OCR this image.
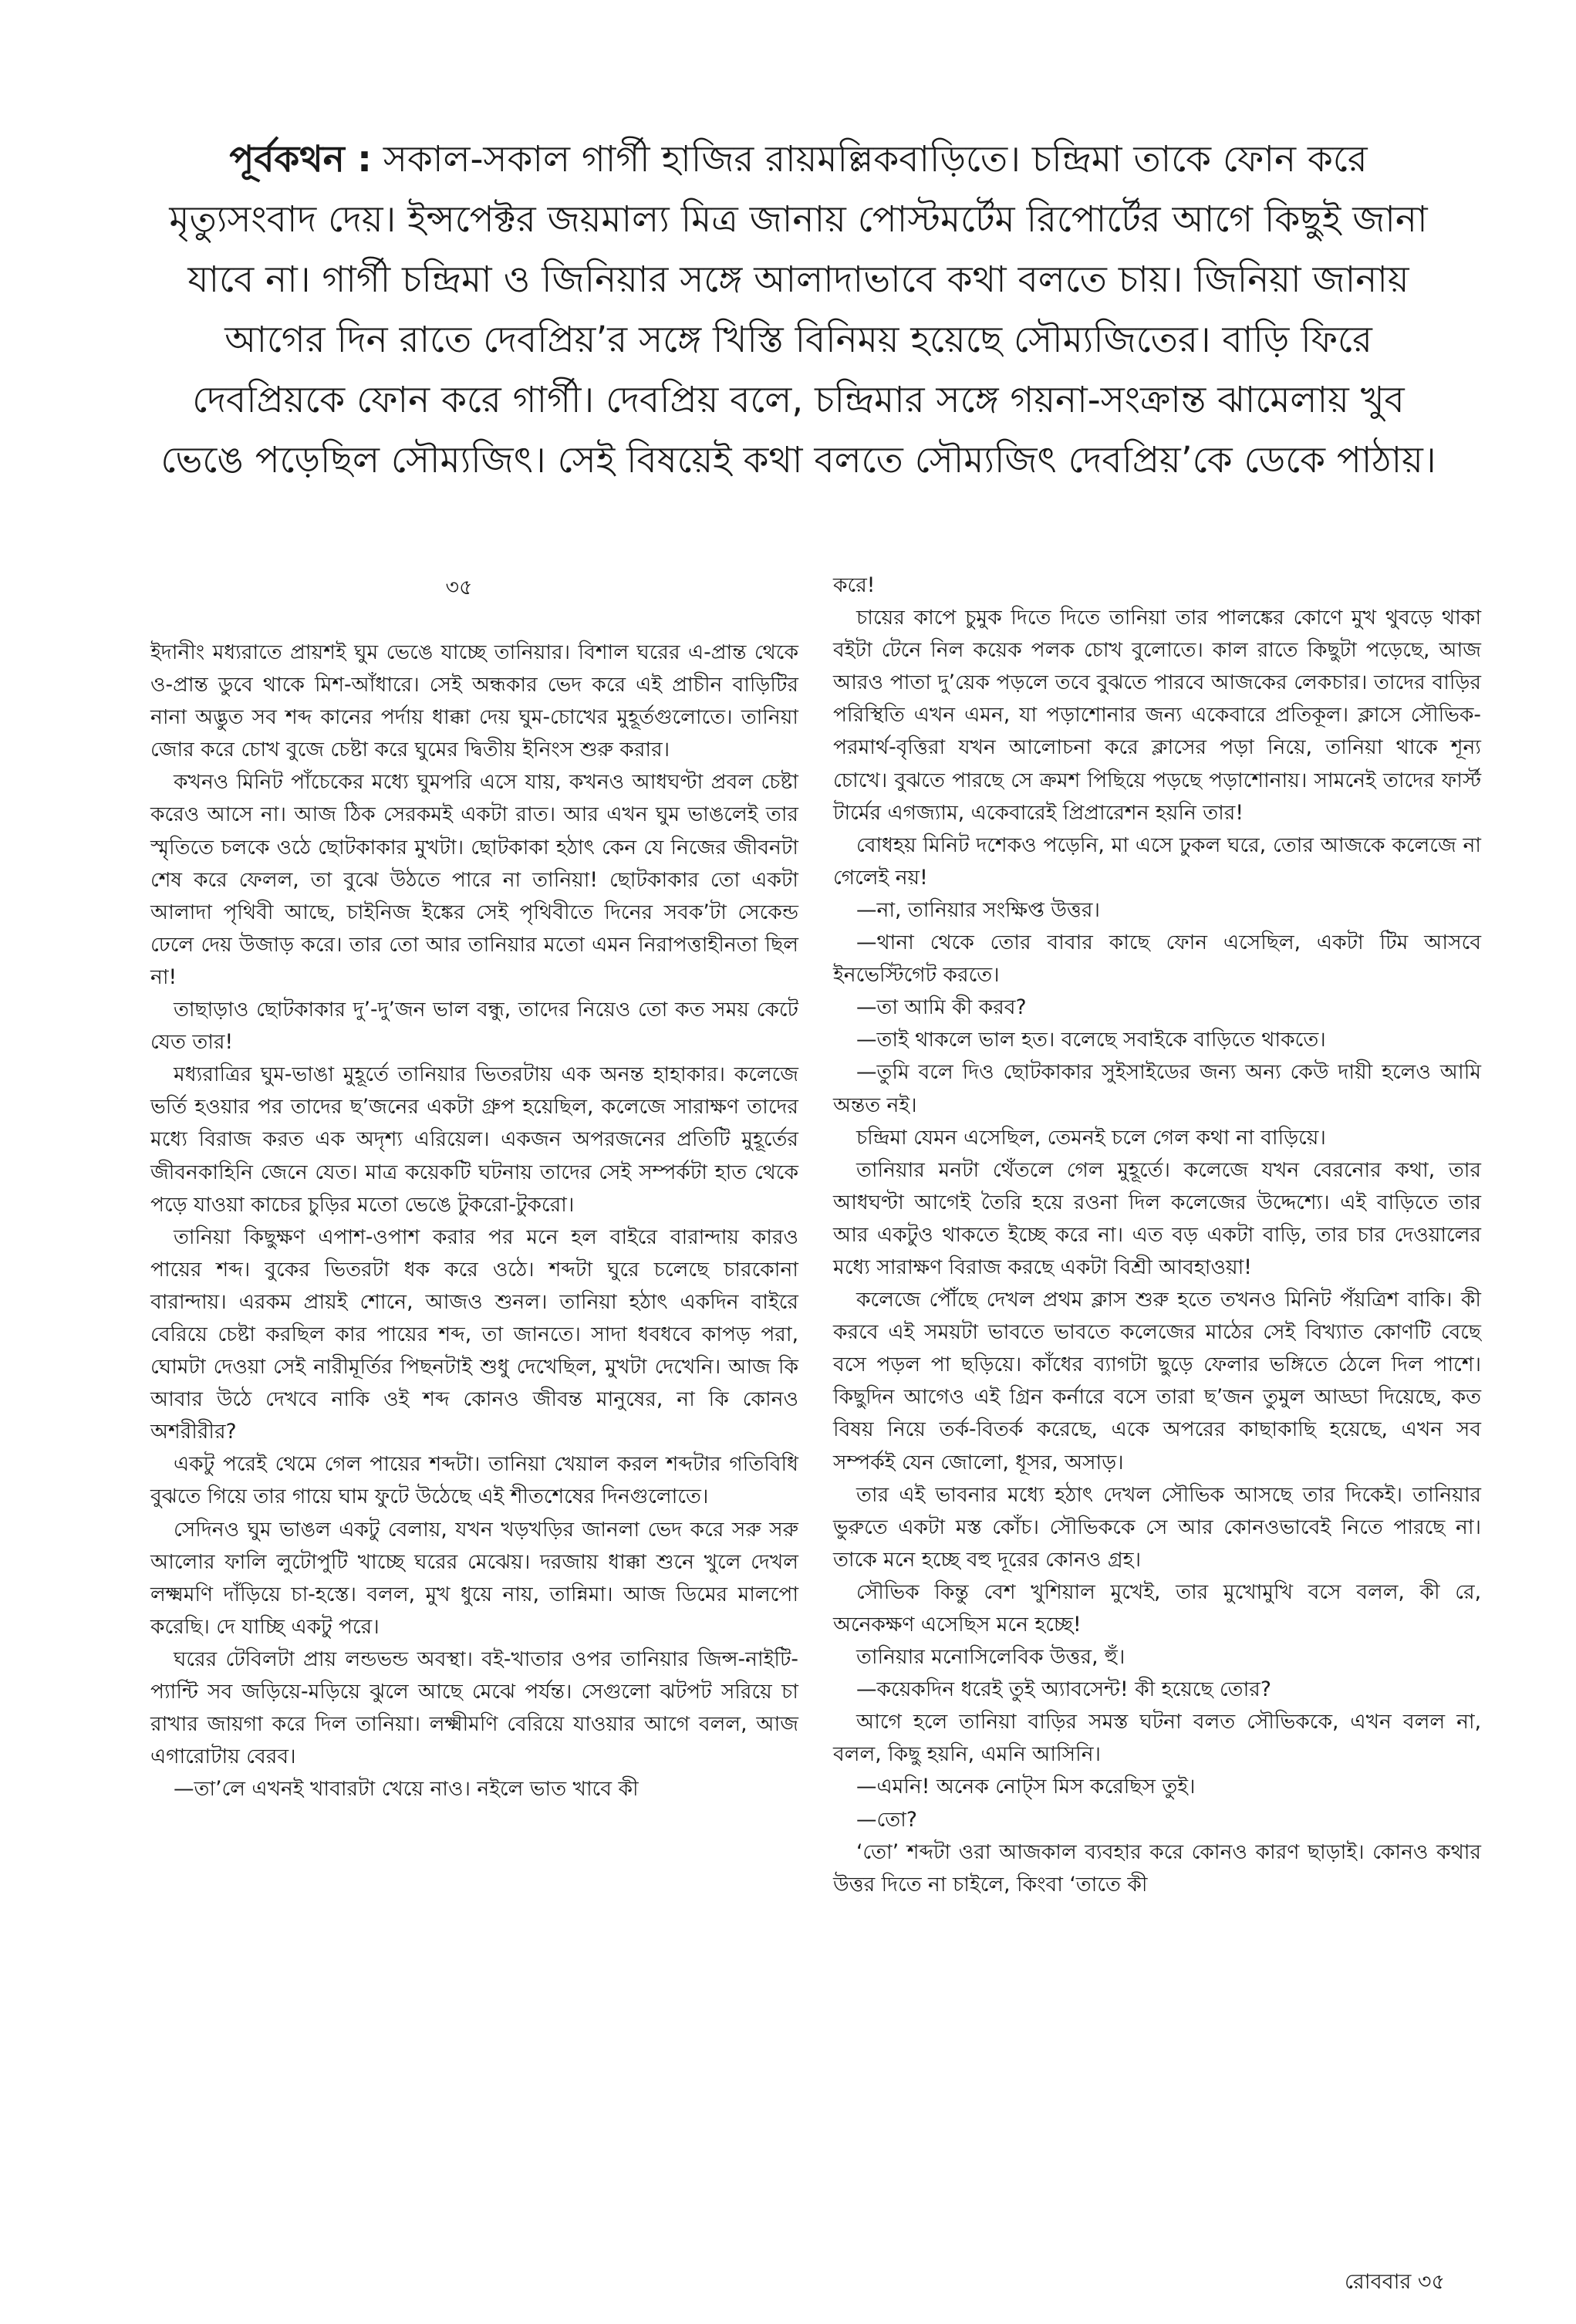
পূর্বকথন : সকাল-সকাল গার্গী হাজির রায়মল্লিকবাড়িতে। চন্দ্রিমা তাকে ফোন করে মৃত্যুসংবাদ দেয়। ইন্সপেক্টর জয়মাল্য মিত্র জানায় পোস্টমর্টেম রিপোর্টের আগে কিছুই জানা যাবে না। গার্গী চন্দ্রিমা ও জিনিয়ার সঙ্গে আলাদাভাবে কথা বলতে চায়। জিনিয়া জানায় আগের দিন রাতে দেবপ্রিয়’র সঙ্গে খিস্তি বিনিময় হয়েছে সৌম্যজিতের। বাড়ি ফিরে দেবপ্রিয়কে ফোন করে গার্গী। দেবপ্রিয় বলে, চন্দ্রিমার সঙ্গে গয়না-সংক্রান্ত ঝামেলায় খুব ভেঙে পড়েছিল সৌম্যজিৎ। সেই বিষয়েই কথা বলতে সৌম্যজিৎ দেবপ্রিয়’কে ডেকে পাঠায়।
৩৫

ইদানীং মধ্যরাতে প্রায়শই ঘুম ভেঙে যাচ্ছে তানিয়ার। বিশাল ঘরের এ-প্রান্ত থেকে ও-প্রান্ত ডুবে থাকে মিশ-আঁধারে। সেই অন্ধকার ভেদ করে এই প্রাচীন বাড়িটির নানা অদ্ভুত সব শব্দ কানের পর্দায় ধাক্কা দেয় ঘুম-চোখের মুহূর্তগুলোতে। তানিয়া জোর করে চোখ বুজে চেষ্টা করে ঘুমের দ্বিতীয় ইনিংস শুরু করার।

কখনও মিনিট পাঁচেকের মধ্যে ঘুমপরি এসে যায়, কখনও আধঘণ্টা প্রবল চেষ্টা করেও আসে না। আজ ঠিক সেরকমই একটা রাত। আর এখন ঘুম ভাঙলেই তার স্মৃতিতে চলকে ওঠে ছোটকাকার মুখটা। ছোটকাকা হঠাৎ কেন যে নিজের জীবনটা শেষ করে ফেলল, তা বুঝে উঠতে পারে না তানিয়া! ছোটকাকার তো একটা আলাদা পৃথিবী আছে, চাইনিজ ইঙ্কের সেই পৃথিবীতে দিনের সবক’টা সেকেন্ড ঢেলে দেয় উজাড় করে। তার তো আর তানিয়ার মতো এমন নিরাপত্তাহীনতা ছিল না!

তাছাড়াও ছোটকাকার দু’-দু’জন ভাল বন্ধু, তাদের নিয়েও তো কত সময় কেটে যেত তার!

মধ্যরাত্রির ঘুম-ভাঙা মুহূর্তে তানিয়ার ভিতরটায় এক অনন্ত হাহাকার। কলেজে ভর্তি হওয়ার পর তাদের ছ’জনের একটা গ্রুপ হয়েছিল, কলেজে সারাক্ষণ তাদের মধ্যে বিরাজ করত এক অদৃশ্য এরিয়েল। একজন অপরজনের প্রতিটি মুহূর্তের জীবনকাহিনি জেনে যেত। মাত্র কয়েকটি ঘটনায় তাদের সেই সম্পর্কটা হাত থেকে পড়ে যাওয়া কাচের চুড়ির মতো ভেঙে টুকরো-টুকরো।

তানিয়া কিছুক্ষণ এপাশ-ওপাশ করার পর মনে হল বাইরে বারান্দায় কারও পায়ের শব্দ। বুকের ভিতরটা ধক করে ওঠে। শব্দটা ঘুরে চলেছে চারকোনা বারান্দায়। এরকম প্রায়ই শোনে, আজও শুনল। তানিয়া হঠাৎ একদিন বাইরে বেরিয়ে চেষ্টা করছিল কার পায়ের শব্দ, তা জানতে। সাদা ধবধবে কাপড় পরা, ঘোমটা দেওয়া সেই নারীমূর্তির পিছনটাই শুধু দেখেছিল, মুখটা দেখেনি। আজ কি আবার উঠে দেখবে নাকি ওই শব্দ কোনও জীবন্ত মানুষের, না কি কোনও অশরীরীর?

একটু পরেই থেমে গেল পায়ের শব্দটা। তানিয়া খেয়াল করল শব্দটার গতিবিধি বুঝতে গিয়ে তার গায়ে ঘাম ফুটে উঠেছে এই শীতশেষের দিনগুলোতে।

সেদিনও ঘুম ভাঙল একটু বেলায়, যখন খড়খড়ির জানলা ভেদ করে সরু সরু আলোর ফালি লুটোপুটি খাচ্ছে ঘরের মেঝেয়। দরজায় ধাক্কা শুনে খুলে দেখল লক্ষ্মমণি দাঁড়িয়ে চা-হস্তে। বলল, মুখ ধুয়ে নায়, তান্নিমা। আজ ডিমের মালপো করেছি। দে যাচ্ছি একটু পরে।

ঘরের টেবিলটা প্রায় লন্ডভন্ড অবস্থা। বই-খাতার ওপর তানিয়ার জিন্স-নাইটি-প্যান্টি সব জড়িয়ে-মড়িয়ে ঝুলে আছে মেঝে পর্যন্ত। সেগুলো ঝটপট সরিয়ে চা রাখার জায়গা করে দিল তানিয়া। লক্ষ্মীমণি বেরিয়ে যাওয়ার আগে বলল, আজ এগারোটায় বেরব।

—তা’লে এখনই খাবারটা খেয়ে নাও। নইলে ভাত খাবে কী

করে!

চায়ের কাপে চুমুক দিতে দিতে তানিয়া তার পালঙ্কের কোণে মুখ থুবড়ে থাকা বইটা টেনে নিল কয়েক পলক চোখ বুলোতে। কাল রাতে কিছুটা পড়েছে, আজ আরও পাতা দু’য়েক পড়লে তবে বুঝতে পারবে আজকের লেকচার। তাদের বাড়ির পরিস্থিতি এখন এমন, যা পড়াশোনার জন্য একেবারে প্রতিকূল। ক্লাসে সৌভিক-পরমার্থ-বৃত্তিরা যখন আলোচনা করে ক্লাসের পড়া নিয়ে, তানিয়া থাকে শূন্য চোখে। বুঝতে পারছে সে ক্রমশ পিছিয়ে পড়ছে পড়াশোনায়। সামনেই তাদের ফার্স্ট টার্মের এগজ্যাম, একেবারেই প্রিপ্রারেশন হয়নি তার!

বোধহয় মিনিট দশেকও পড়েনি, মা এসে ঢুকল ঘরে, তোর আজকে কলেজে না গেলেই নয়!

—না, তানিয়ার সংক্ষিপ্ত উত্তর।

—থানা থেকে তোর বাবার কাছে ফোন এসেছিল, একটা টিম আসবে ইনভেস্টিগেট করতে।

—তা আমি কী করব?

—তাই থাকলে ভাল হত। বলেছে সবাইকে বাড়িতে থাকতে।

—তুমি বলে দিও ছোটকাকার সুইসাইডের জন্য অন্য কেউ দায়ী হলেও আমি অন্তত নই।

চন্দ্রিমা যেমন এসেছিল, তেমনই চলে গেল কথা না বাড়িয়ে।

তানিয়ার মনটা থেঁতলে গেল মুহূর্তে। কলেজে যখন বেরনোর কথা, তার আধঘণ্টা আগেই তৈরি হয়ে রওনা দিল কলেজের উদ্দেশ্যে। এই বাড়িতে তার আর একটুও থাকতে ইচ্ছে করে না। এত বড় একটা বাড়ি, তার চার দেওয়ালের মধ্যে সারাক্ষণ বিরাজ করছে একটা বিশ্রী আবহাওয়া!

কলেজে পৌঁছে দেখল প্রথম ক্লাস শুরু হতে তখনও মিনিট পঁয়ত্রিশ বাকি। কী করবে এই সময়টা ভাবতে ভাবতে কলেজের মাঠের সেই বিখ্যাত কোণটি বেছে বসে পড়ল পা ছড়িয়ে। কাঁধের ব্যাগটা ছুড়ে ফেলার ভঙ্গিতে ঠেলে দিল পাশে। কিছুদিন আগেও এই গ্রিন কর্নারে বসে তারা ছ’জন তুমুল আড্ডা দিয়েছে, কত বিষয় নিয়ে তর্ক-বিতর্ক করেছে, একে অপরের কাছাকাছি হয়েছে, এখন সব সম্পর্কই যেন জোলো, ধূসর, অসাড়।

তার এই ভাবনার মধ্যে হঠাৎ দেখল সৌভিক আসছে তার দিকেই। তানিয়ার ভুরুতে একটা মস্ত কোঁচ। সৌভিককে সে আর কোনওভাবেই নিতে পারছে না। তাকে মনে হচ্ছে বহু দূরের কোনও গ্রহ।

সৌভিক কিন্তু বেশ খুশিয়াল মুখেই, তার মুখোমুখি বসে বলল, কী রে, অনেকক্ষণ এসেছিস মনে হচ্ছে!

তানিয়ার মনোসিলেবিক উত্তর, হুঁ।

—কয়েকদিন ধরেই তুই অ্যাবসেন্ট! কী হয়েছে তোর?

আগে হলে তানিয়া বাড়ির সমস্ত ঘটনা বলত সৌভিককে, এখন বলল না, বলল, কিছু হয়নি, এমনি আসিনি।

—এমনি! অনেক নোট্স মিস করেছিস তুই।

—তো?

‘তো’ শব্দটা ওরা আজকাল ব্যবহার করে কোনও কারণ ছাড়াই। কোনও কথার উত্তর দিতে না চাইলে, কিংবা ‘তাতে কী

রোববার ৩৫
